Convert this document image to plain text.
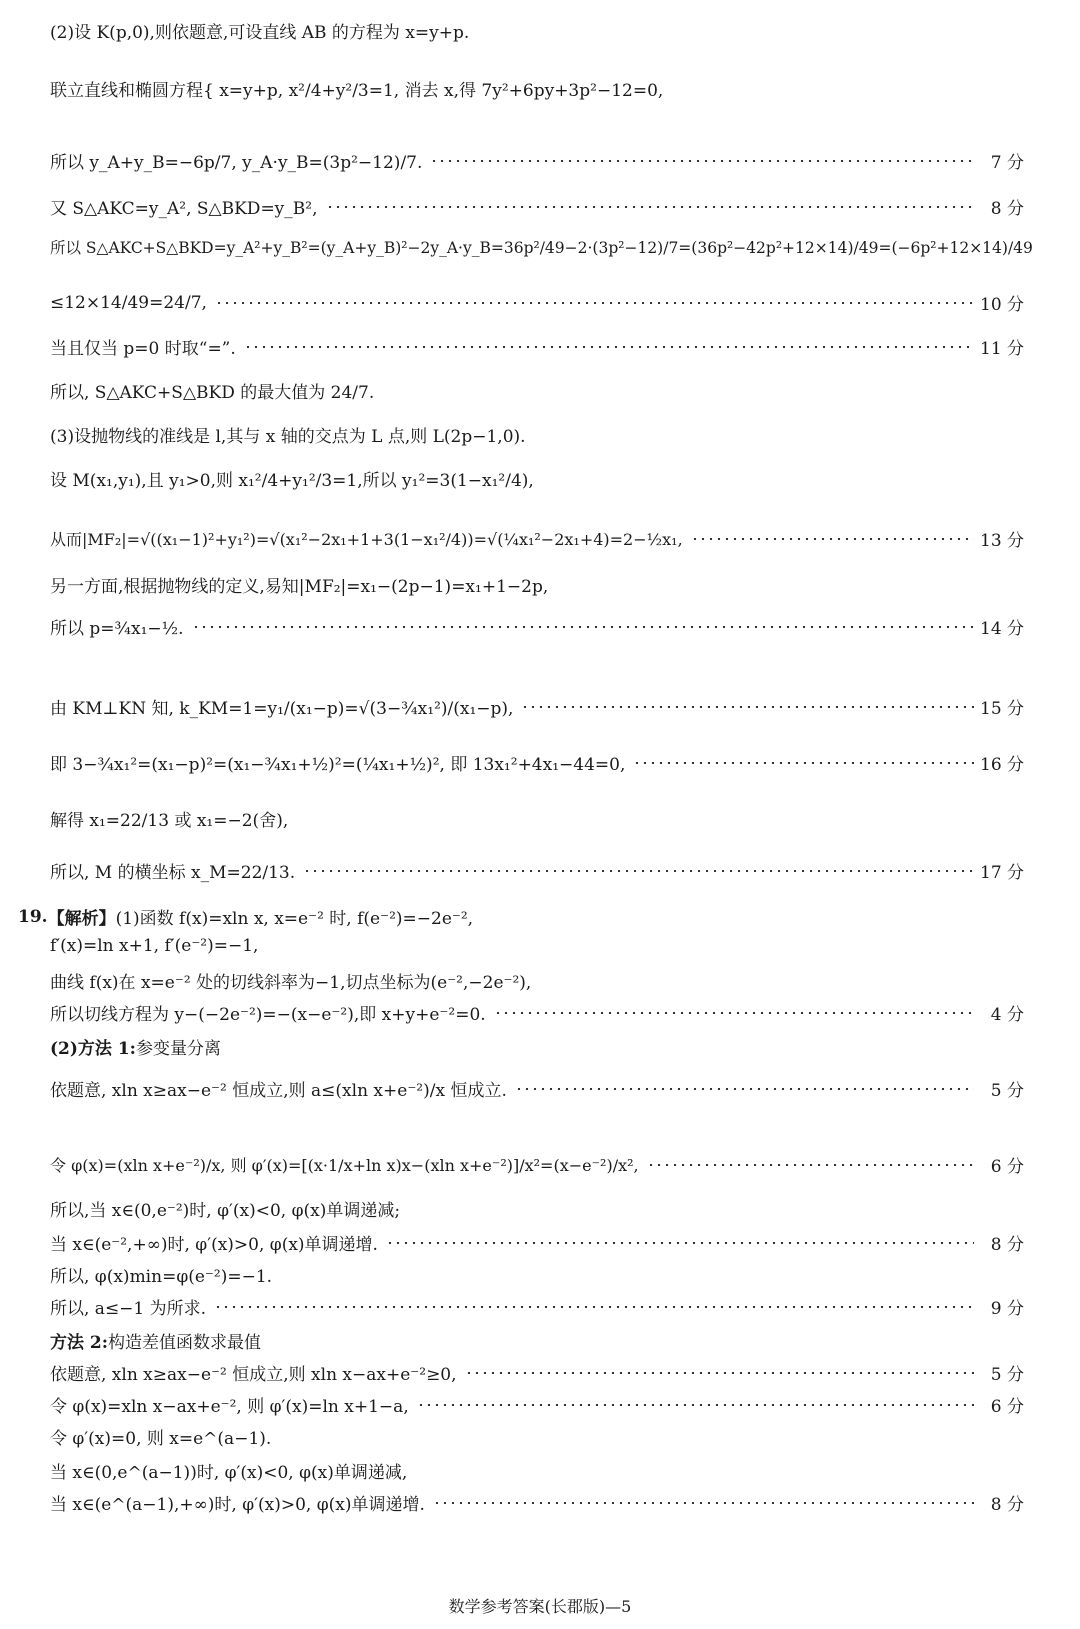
(2)设 K(p,0),则依题意,可设直线 AB 的方程为 x=y+p.
联立直线和椭圆方程{ x=y+p, x²/4+y²/3=1, 消去 x,得 7y²+6py+3p²−12=0,
所以 y_A+y_B=−6p/7, y_A·y_B=(3p²−12)/7.	7 分
又 S△AKC=y_A², S△BKD=y_B²,	8 分
所以 S△AKC+S△BKD=y_A²+y_B²=(y_A+y_B)²−2y_A·y_B=36p²/49−2·(3p²−12)/7=(36p²−42p²+12×14)/49=(−6p²+12×14)/49
≤12×14/49=24/7,	10 分
当且仅当 p=0 时取“=”.	11 分
所以, S△AKC+S△BKD 的最大值为 24/7.
(3)设抛物线的准线是 l,其与 x 轴的交点为 L 点,则 L(2p−1,0).
设 M(x₁,y₁),且 y₁>0,则 x₁²/4+y₁²/3=1,所以 y₁²=3(1−x₁²/4),
从而|MF₂|=√((x₁−1)²+y₁²)=√(x₁²−2x₁+1+3(1−x₁²/4))=√(¼x₁²−2x₁+4)=2−½x₁,	13 分
另一方面,根据抛物线的定义,易知|MF₂|=x₁−(2p−1)=x₁+1−2p,
所以 p=¾x₁−½.	14 分
由 KM⊥KN 知, k_KM=1=y₁/(x₁−p)=√(3−¾x₁²)/(x₁−p),	15 分
即 3−¾x₁²=(x₁−p)²=(x₁−¾x₁+½)²=(¼x₁+½)², 即 13x₁²+4x₁−44=0,	16 分
解得 x₁=22/13 或 x₁=−2(舍),
所以, M 的横坐标 x_M=22/13.	17 分
19. 【解析】 (1)函数 f(x)=xln x, x=e⁻² 时, f(e⁻²)=−2e⁻²,
f′(x)=ln x+1, f′(e⁻²)=−1,
曲线 f(x)在 x=e⁻² 处的切线斜率为−1,切点坐标为(e⁻²,−2e⁻²),
所以切线方程为 y−(−2e⁻²)=−(x−e⁻²),即 x+y+e⁻²=0.	4 分
(2)方法 1: 参变量分离
依题意, xln x≥ax−e⁻² 恒成立,则 a≤(xln x+e⁻²)/x 恒成立.	5 分
令 φ(x)=(xln x+e⁻²)/x, 则 φ′(x)=[(x·1/x+ln x)x−(xln x+e⁻²)]/x²=(x−e⁻²)/x²,	6 分
所以,当 x∈(0,e⁻²)时, φ′(x)<0, φ(x)单调递减;
当 x∈(e⁻²,+∞)时, φ′(x)>0, φ(x)单调递增.	8 分
所以, φ(x)min=φ(e⁻²)=−1.
所以, a≤−1 为所求.	9 分
方法 2: 构造差值函数求最值
依题意, xln x≥ax−e⁻² 恒成立,则 xln x−ax+e⁻²≥0,	5 分
令 φ(x)=xln x−ax+e⁻², 则 φ′(x)=ln x+1−a,	6 分
令 φ′(x)=0, 则 x=e^(a−1).
当 x∈(0,e^(a−1))时, φ′(x)<0, φ(x)单调递减,
当 x∈(e^(a−1),+∞)时, φ′(x)>0, φ(x)单调递增.	8 分
数学参考答案(长郡版)—5
